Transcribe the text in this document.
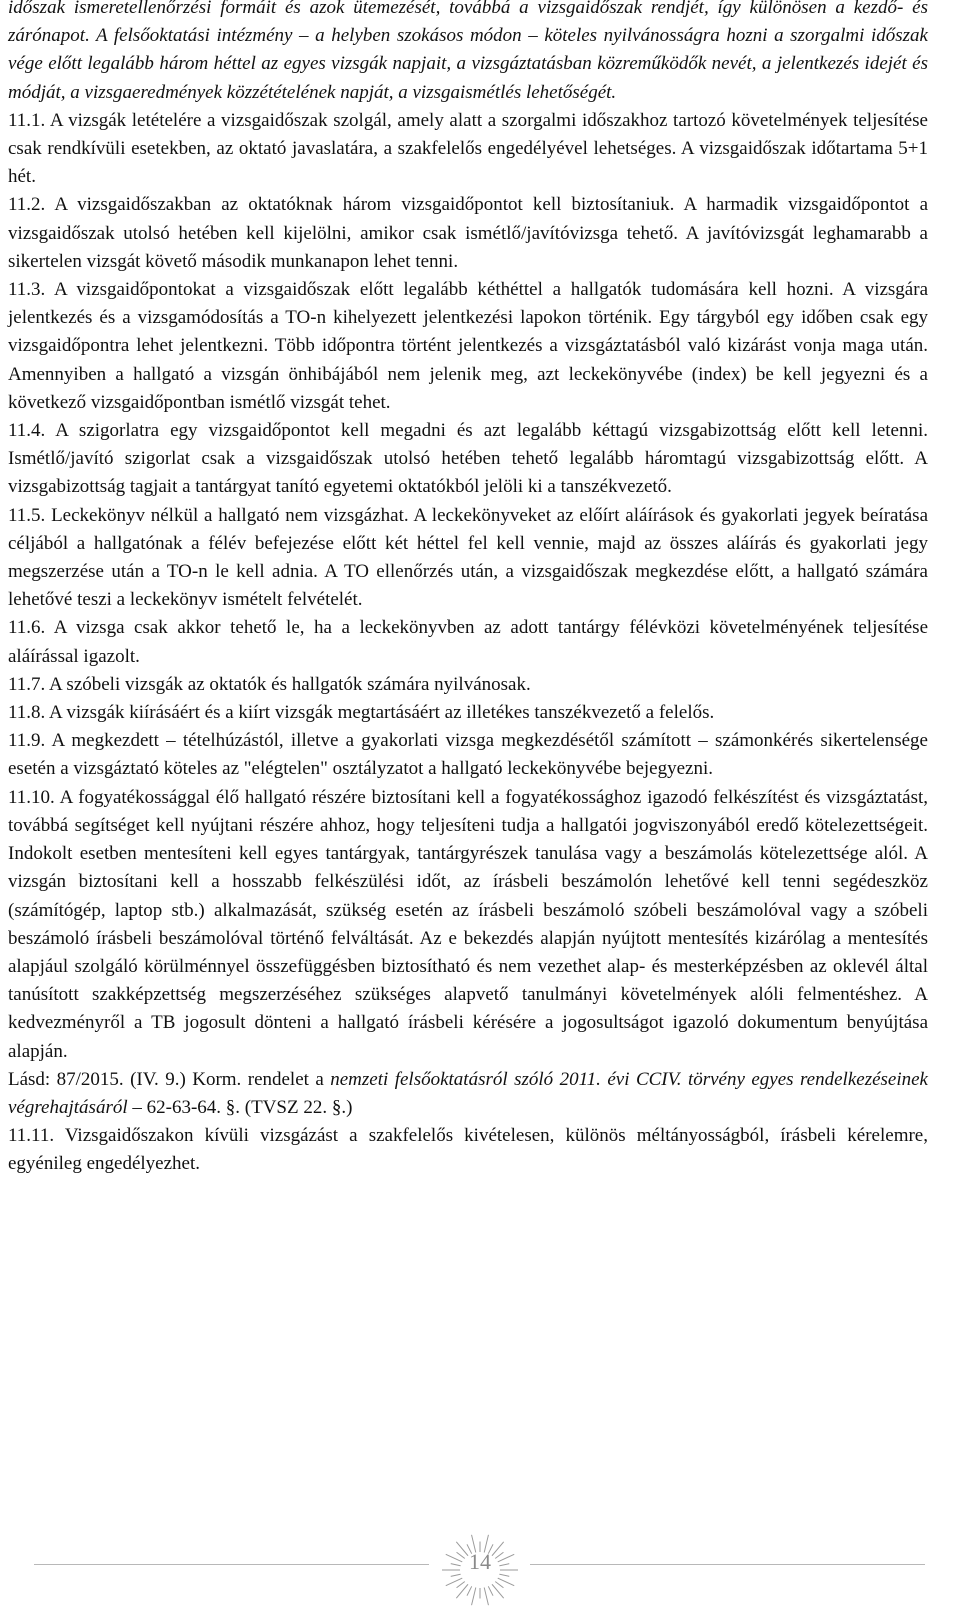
időszak ismeretellenőrzési formáit és azok ütemezését, továbbá a vizsgaidőszak rendjét, így különösen a kezdő- és zárónapot. A felsőoktatási intézmény – a helyben szokásos módon – köteles nyilvánosságra hozni a szorgalmi időszak vége előtt legalább három héttel az egyes vizsgák napjait, a vizsgáztatásban közreműködők nevét, a jelentkezés idejét és módját, a vizsgaeredmények közzétételének napját, a vizsgaismétlés lehetőségét.

11.1. A vizsgák letételére a vizsgaidőszak szolgál, amely alatt a szorgalmi időszakhoz tartozó követelmények teljesítése csak rendkívüli esetekben, az oktató javaslatára, a szakfelelős engedélyével lehetséges. A vizsgaidőszak időtartama 5+1 hét.

11.2. A vizsgaidőszakban az oktatóknak három vizsgaidőpontot kell biztosítaniuk. A harmadik vizsgaidőpontot a vizsgaidőszak utolsó hetében kell kijelölni, amikor csak ismétlő/javítóvizsga tehető. A javítóvizsgát leghamarabb a sikertelen vizsgát követő második munkanapon lehet tenni.

11.3. A vizsgaidőpontokat a vizsgaidőszak előtt legalább kéthéttel a hallgatók tudomására kell hozni. A vizsgára jelentkezés és a vizsgamódosítás a TO-n kihelyezett jelentkezési lapokon történik. Egy tárgyból egy időben csak egy vizsgaidőpontra lehet jelentkezni. Több időpontra történt jelentkezés a vizsgáztatásból való kizárást vonja maga után. Amennyiben a hallgató a vizsgán önhibájából nem jelenik meg, azt leckekönyvébe (index) be kell jegyezni és a következő vizsgaidőpontban ismétlő vizsgát tehet.

11.4. A szigorlatra egy vizsgaidőpontot kell megadni és azt legalább kéttagú vizsgabizottság előtt kell letenni. Ismétlő/javító szigorlat csak a vizsgaidőszak utolsó hetében tehető legalább háromtagú vizsgabizottság előtt. A vizsgabizottság tagjait a tantárgyat tanító egyetemi oktatókból jelöli ki a tanszékvezető.

11.5. Leckekönyv nélkül a hallgató nem vizsgázhat. A leckekönyveket az előírt aláírások és gyakorlati jegyek beíratása céljából a hallgatónak a félév befejezése előtt két héttel fel kell vennie, majd az összes aláírás és gyakorlati jegy megszerzése után a TO-n le kell adnia. A TO ellenőrzés után, a vizsgaidőszak megkezdése előtt, a hallgató számára lehetővé teszi a leckekönyv ismételt felvételét.

11.6. A vizsga csak akkor tehető le, ha a leckekönyvben az adott tantárgy félévközi követelményének teljesítése aláírással igazolt.

11.7. A szóbeli vizsgák az oktatók és hallgatók számára nyilvánosak.

11.8. A vizsgák kiírásáért és a kiírt vizsgák megtartásáért az illetékes tanszékvezető a felelős.

11.9. A megkezdett – tételhúzástól, illetve a gyakorlati vizsga megkezdésétől számított – számonkérés sikertelensége esetén a vizsgáztató köteles az "elégtelen" osztályzatot a hallgató leckekönyvébe bejegyezni.

11.10. A fogyatékossággal élő hallgató részére biztosítani kell a fogyatékossághoz igazodó felkészítést és vizsgáztatást, továbbá segítséget kell nyújtani részére ahhoz, hogy teljesíteni tudja a hallgatói jogviszonyából eredő kötelezettségeit. Indokolt esetben mentesíteni kell egyes tantárgyak, tantárgyrészek tanulása vagy a beszámolás kötelezettsége alól. A vizsgán biztosítani kell a hosszabb felkészülési időt, az írásbeli beszámolón lehetővé kell tenni segédeszköz (számítógép, laptop stb.) alkalmazását, szükség esetén az írásbeli beszámoló szóbeli beszámolóval vagy a szóbeli beszámoló írásbeli beszámolóval történő felváltását. Az e bekezdés alapján nyújtott mentesítés kizárólag a mentesítés alapjául szolgáló körülménnyel összefüggésben biztosítható és nem vezethet alap- és mesterképzésben az oklevél által tanúsított szakképzettség megszerzéséhez szükséges alapvető tanulmányi követelmények alóli felmentéshez. A kedvezményről a TB jogosult dönteni a hallgató írásbeli kérésére a jogosultságot igazoló dokumentum benyújtása alapján.

Lásd: 87/2015. (IV. 9.) Korm. rendelet a nemzeti felsőoktatásról szóló 2011. évi CCIV. törvény egyes rendelkezéseinek végrehajtásáról – 62-63-64. §. (TVSZ 22. §.)

11.11. Vizsgaidőszakon kívüli vizsgázást a szakfelelős kivételesen, különös méltányosságból, írásbeli kérelemre, egyénileg engedélyezhet.

14
